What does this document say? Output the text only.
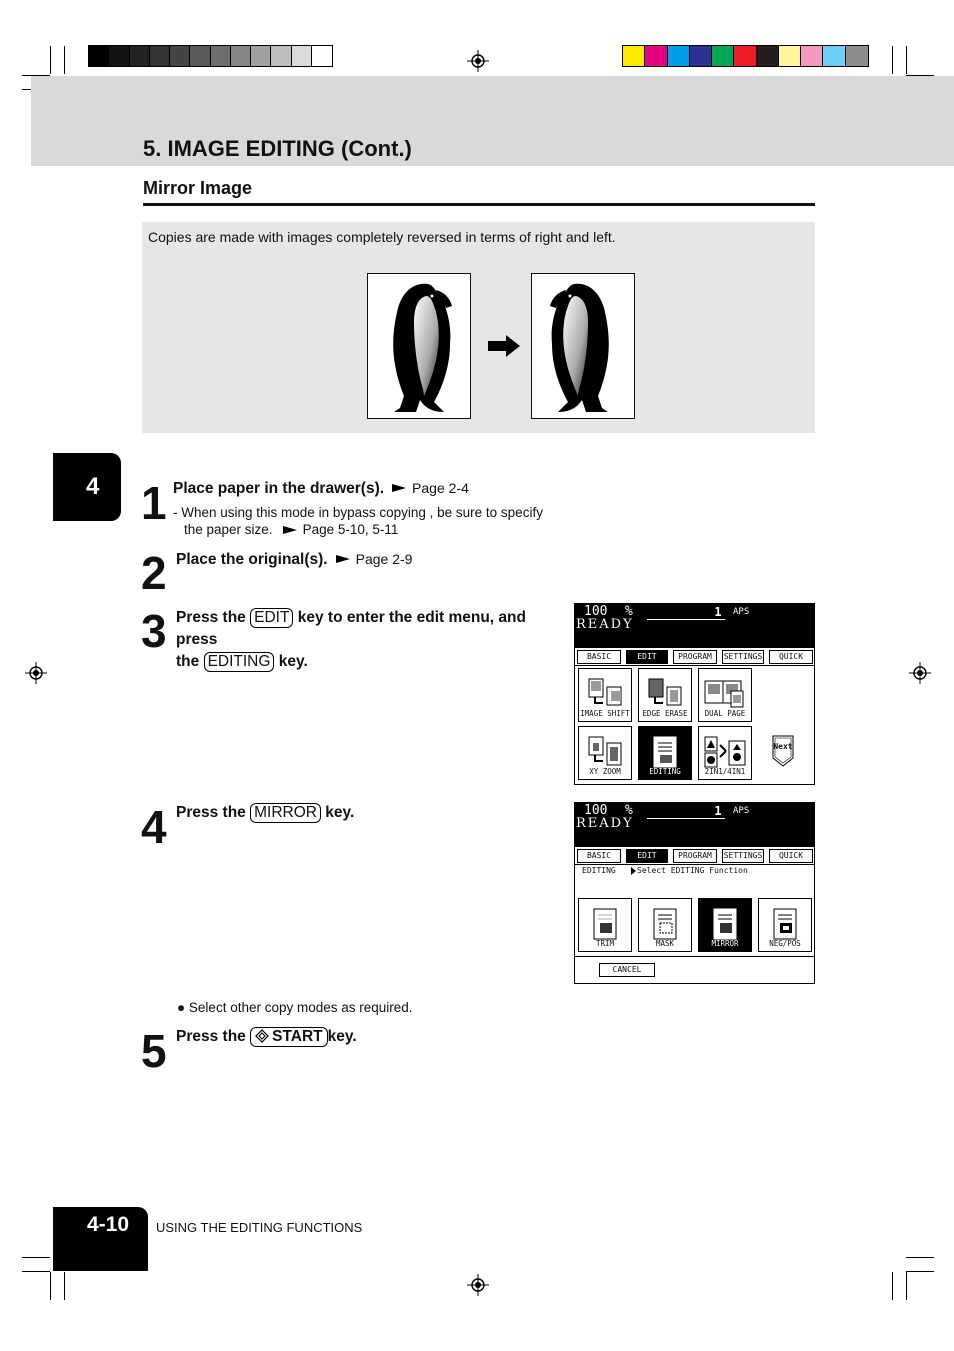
5. IMAGE EDITING (Cont.)
Mirror Image
Copies are made with images completely reversed in terms of right and left.
4 1 Place paper in the drawer(s). Page 2-4
- When using this mode in bypass copying , be sure to specify
the paper size. Page 5-10, 5-11
2 Place the original(s). Page 2-9
3 Press the EDIT key to enter the edit menu, and press
the EDITING key.
100 %	1	APS
READY
BASIC	EDIT	PROGRAM	SETTINGS	QUICK
IMAGE SHIFT	EDGE ERASE	DUAL PAGE
XY ZOOM	EDITING	2IN1/4IN1
Next
4 Press the MIRROR key.	100 %	1	APS
READY
BASIC	EDIT	PROGRAM	SETTINGS	QUICK
EDITING	Select EDITING Function
TRIM	MASK	MIRROR	NEG/POS
CANCEL
● Select other copy modes as required.
5 Press the START key.
4-10	USING THE EDITING FUNCTIONS
